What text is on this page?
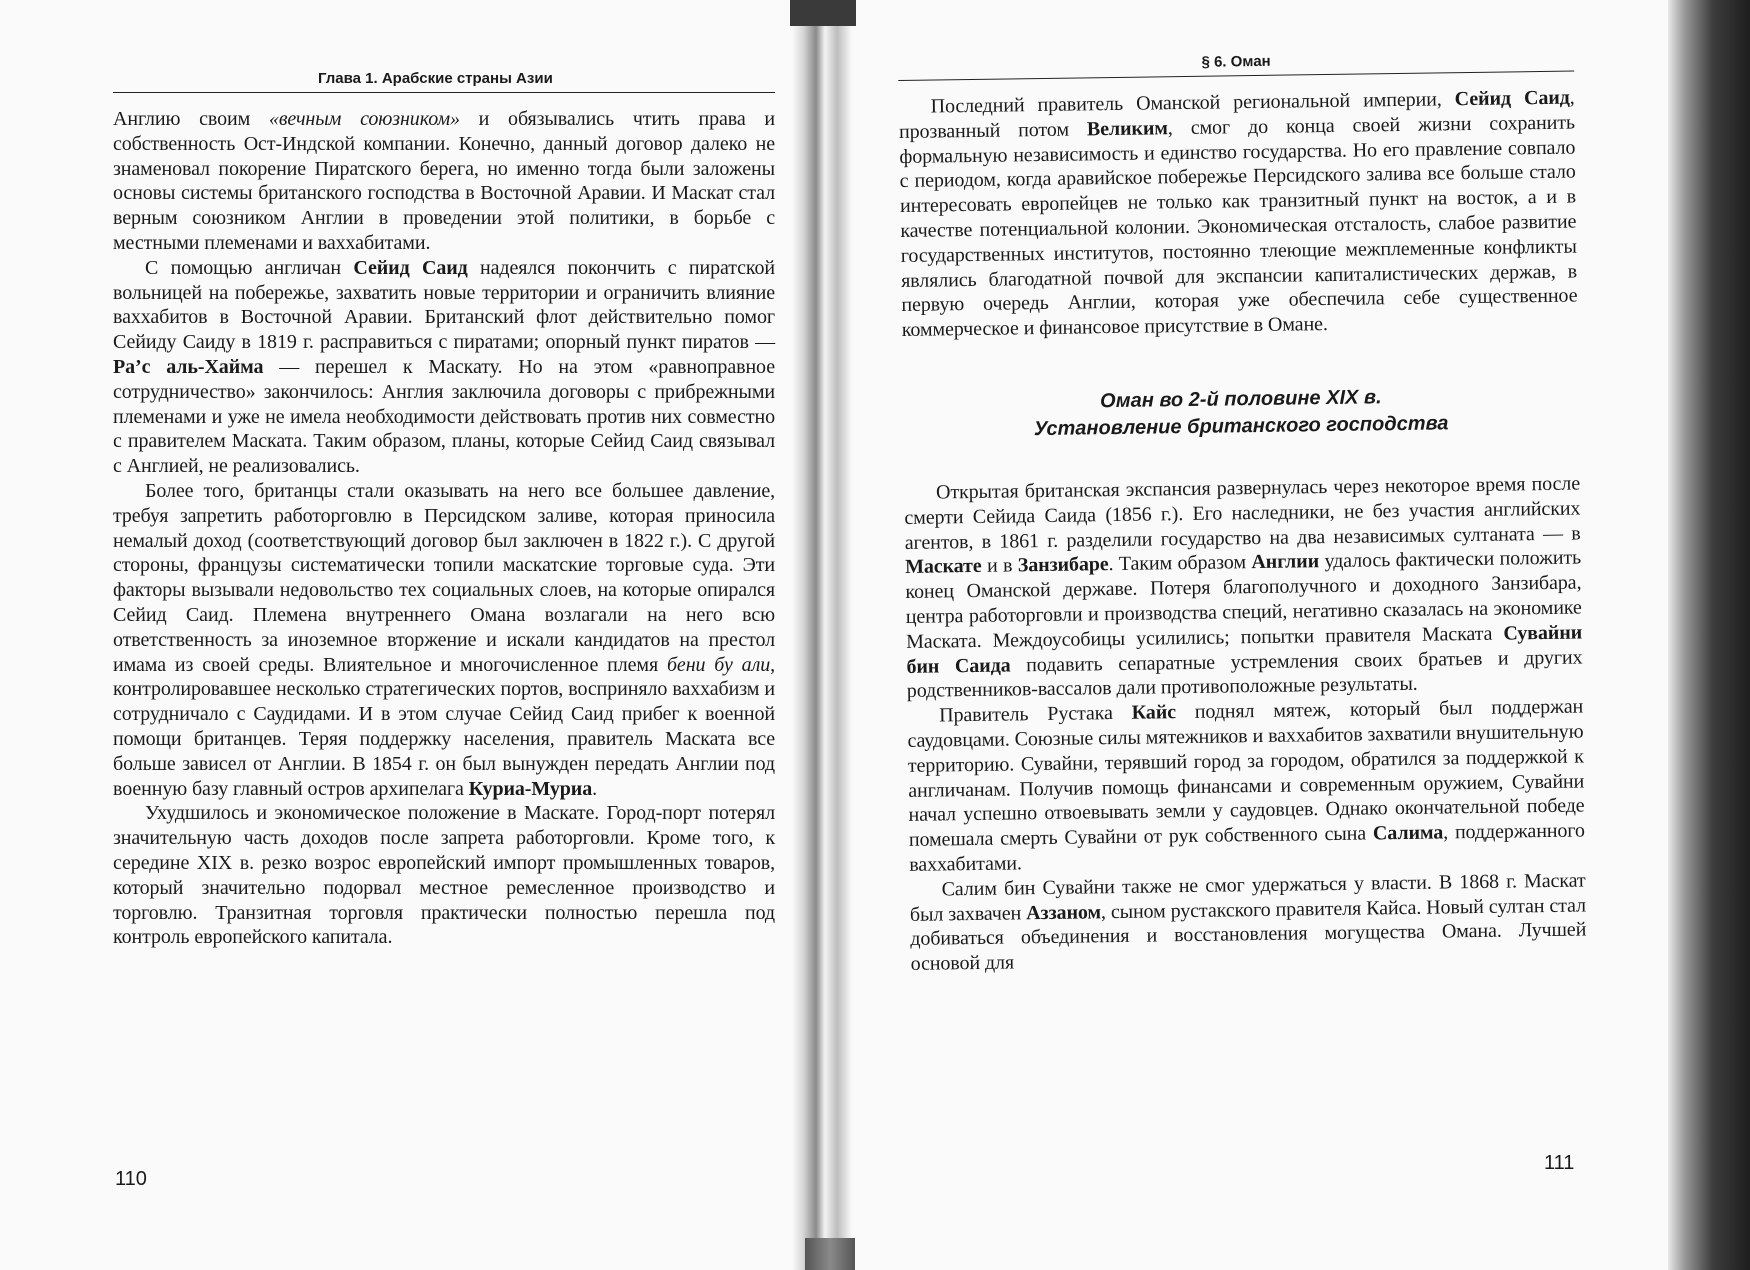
Глава 1. Арабские страны Азии

Англию своим «вечным союзником» и обязывались чтить права и собственность Ост-Индской компании. Конечно, данный договор далеко не знаменовал покорение Пиратского берега, но именно тогда были заложены основы системы британского господства в Восточной Аравии. И Маскат стал верным союзником Англии в проведении этой политики, в борьбе с местными племенами и ваххабитами.

С помощью англичан Сейид Саид надеялся покончить с пиратской вольницей на побережье, захватить новые территории и ограничить влияние ваххабитов в Восточной Аравии. Британский флот действительно помог Сейиду Саиду в 1819 г. расправиться с пиратами; опорный пункт пиратов — Ра’с аль-Хайма — перешел к Маскату. Но на этом «равноправное сотрудничество» закончилось: Англия заключила договоры с прибрежными племенами и уже не имела необходимости действовать против них совместно с правителем Маската. Таким образом, планы, которые Сейид Саид связывал с Англией, не реализовались.

Более того, британцы стали оказывать на него все большее давление, требуя запретить работорговлю в Персидском заливе, которая приносила немалый доход (соответствующий договор был заключен в 1822 г.). С другой стороны, французы систематически топили маскатские торговые суда. Эти факторы вызывали недовольство тех социальных слоев, на которые опирался Сейид Саид. Племена внутреннего Омана возлагали на него всю ответственность за иноземное вторжение и искали кандидатов на престол имама из своей среды. Влиятельное и многочисленное племя бени бу али, контролировавшее несколько стратегических портов, восприняло ваххабизм и сотрудничало с Саудидами. И в этом случае Сейид Саид прибег к военной помощи британцев. Теряя поддержку населения, правитель Маската все больше зависел от Англии. В 1854 г. он был вынужден передать Англии под военную базу главный остров архипелага Куриа-Муриа.

Ухудшилось и экономическое положение в Маскате. Город-порт потерял значительную часть доходов после запрета работорговли. Кроме того, к середине XIX в. резко возрос европейский импорт промышленных товаров, который значительно подорвал местное ремесленное производство и торговлю. Транзитная торговля практически полностью перешла под контроль европейского капитала.

110
§ 6. Оман

Последний правитель Оманской региональной империи, Сейид Саид, прозванный потом Великим, смог до конца своей жизни сохранить формальную независимость и единство государства. Но его правление совпало с периодом, когда аравийское побережье Персидского залива все больше стало интересовать европейцев не только как транзитный пункт на восток, а и в качестве потенциальной колонии. Экономическая отсталость, слабое развитие государственных институтов, постоянно тлеющие межплеменные конфликты являлись благодатной почвой для экспансии капиталистических держав, в первую очередь Англии, которая уже обеспечила себе существенное коммерческое и финансовое присутствие в Омане.

Оман во 2-й половине XIX в.
Установление британского господства

Открытая британская экспансия развернулась через некоторое время после смерти Сейида Саида (1856 г.). Его наследники, не без участия английских агентов, в 1861 г. разделили государство на два независимых султаната — в Маскате и в Занзибаре. Таким образом Англии удалось фактически положить конец Оманской державе. Потеря благополучного и доходного Занзибара, центра работорговли и производства специй, негативно сказалась на экономике Маската. Междоусобицы усилились; попытки правителя Маската Сувайни бин Саида подавить сепаратные устремления своих братьев и других родственников-вассалов дали противоположные результаты.

Правитель Рустака Кайс поднял мятеж, который был поддержан саудовцами. Союзные силы мятежников и ваххабитов захватили внушительную территорию. Сувайни, терявший город за городом, обратился за поддержкой к англичанам. Получив помощь финансами и современным оружием, Сувайни начал успешно отвоевывать земли у саудовцев. Однако окончательной победе помешала смерть Сувайни от рук собственного сына Салима, поддержанного ваххабитами.

Салим бин Сувайни также не смог удержаться у власти. В 1868 г. Маскат был захвачен Аззаном, сыном рустакского правителя Кайса. Новый султан стал добиваться объединения и восстановления могущества Омана. Лучшей основой для

111
